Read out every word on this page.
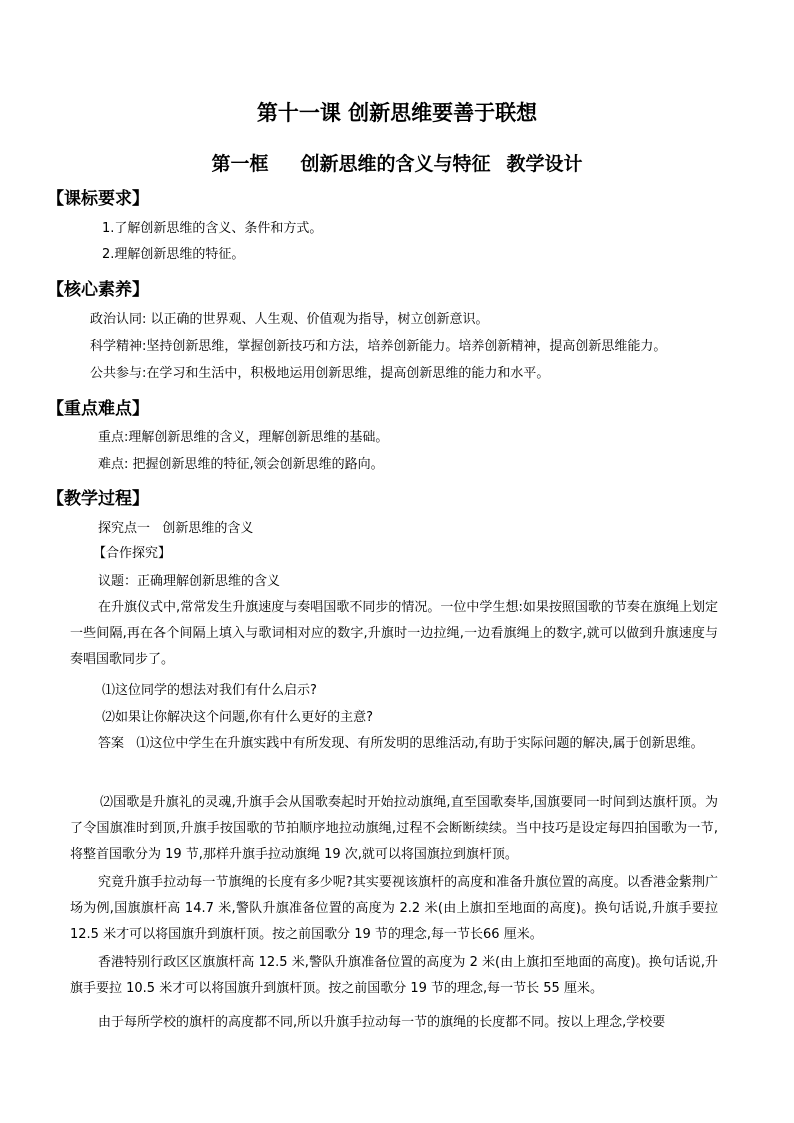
第十一课 创新思维要善于联想
第一框 创新思维的含义与特征 教学设计
【课标要求】
1.了解创新思维的含义、条件和方式。
2.理解创新思维的特征。
【核心素养】
政治认同: 以正确的世界观、人生观、价值观为指导，树立创新意识。
科学精神:坚持创新思维，掌握创新技巧和方法，培养创新能力。培养创新精神，提高创新思维能力。
公共参与:在学习和生活中，积极地运用创新思维，提高创新思维的能力和水平。
【重点难点】
重点:理解创新思维的含义，理解创新思维的基础。
难点: 把握创新思维的特征,领会创新思维的路向。
【教学过程】
探究点一   创新思维的含义
【合作探究】
议题：正确理解创新思维的含义
在升旗仪式中,常常发生升旗速度与奏唱国歌不同步的情况。一位中学生想:如果按照国歌的节奏在旗绳上划定一些间隔,再在各个间隔上填入与歌词相对应的数字,升旗时一边拉绳,一边看旗绳上的数字,就可以做到升旗速度与奏唱国歌同步了。
⑴这位同学的想法对我们有什么启示?
⑵如果让你解决这个问题,你有什么更好的主意?
答案   ⑴这位中学生在升旗实践中有所发现、有所发明的思维活动,有助于实际问题的解决,属于创新思维。
⑵国歌是升旗礼的灵魂,升旗手会从国歌奏起时开始拉动旗绳,直至国歌奏毕,国旗要同一时间到达旗杆顶。为了令国旗准时到顶,升旗手按国歌的节拍顺序地拉动旗绳,过程不会断断续续。当中技巧是设定每四拍国歌为一节,将整首国歌分为 19 节,那样升旗手拉动旗绳 19 次,就可以将国旗拉到旗杆顶。
究竟升旗手拉动每一节旗绳的长度有多少呢?其实要视该旗杆的高度和准备升旗位置的高度。以香港金紫荆广场为例,国旗旗杆高 14.7 米,警队升旗准备位置的高度为 2.2 米(由上旗扣至地面的高度)。换句话说,升旗手要拉 12.5 米才可以将国旗升到旗杆顶。按之前国歌分 19 节的理念,每一节长66 厘米。
香港特别行政区区旗旗杆高 12.5 米,警队升旗准备位置的高度为 2 米(由上旗扣至地面的高度)。换句话说,升旗手要拉 10.5 米才可以将国旗升到旗杆顶。按之前国歌分 19 节的理念,每一节长 55 厘米。
由于每所学校的旗杆的高度都不同,所以升旗手拉动每一节的旗绳的长度都不同。按以上理念,学校要
